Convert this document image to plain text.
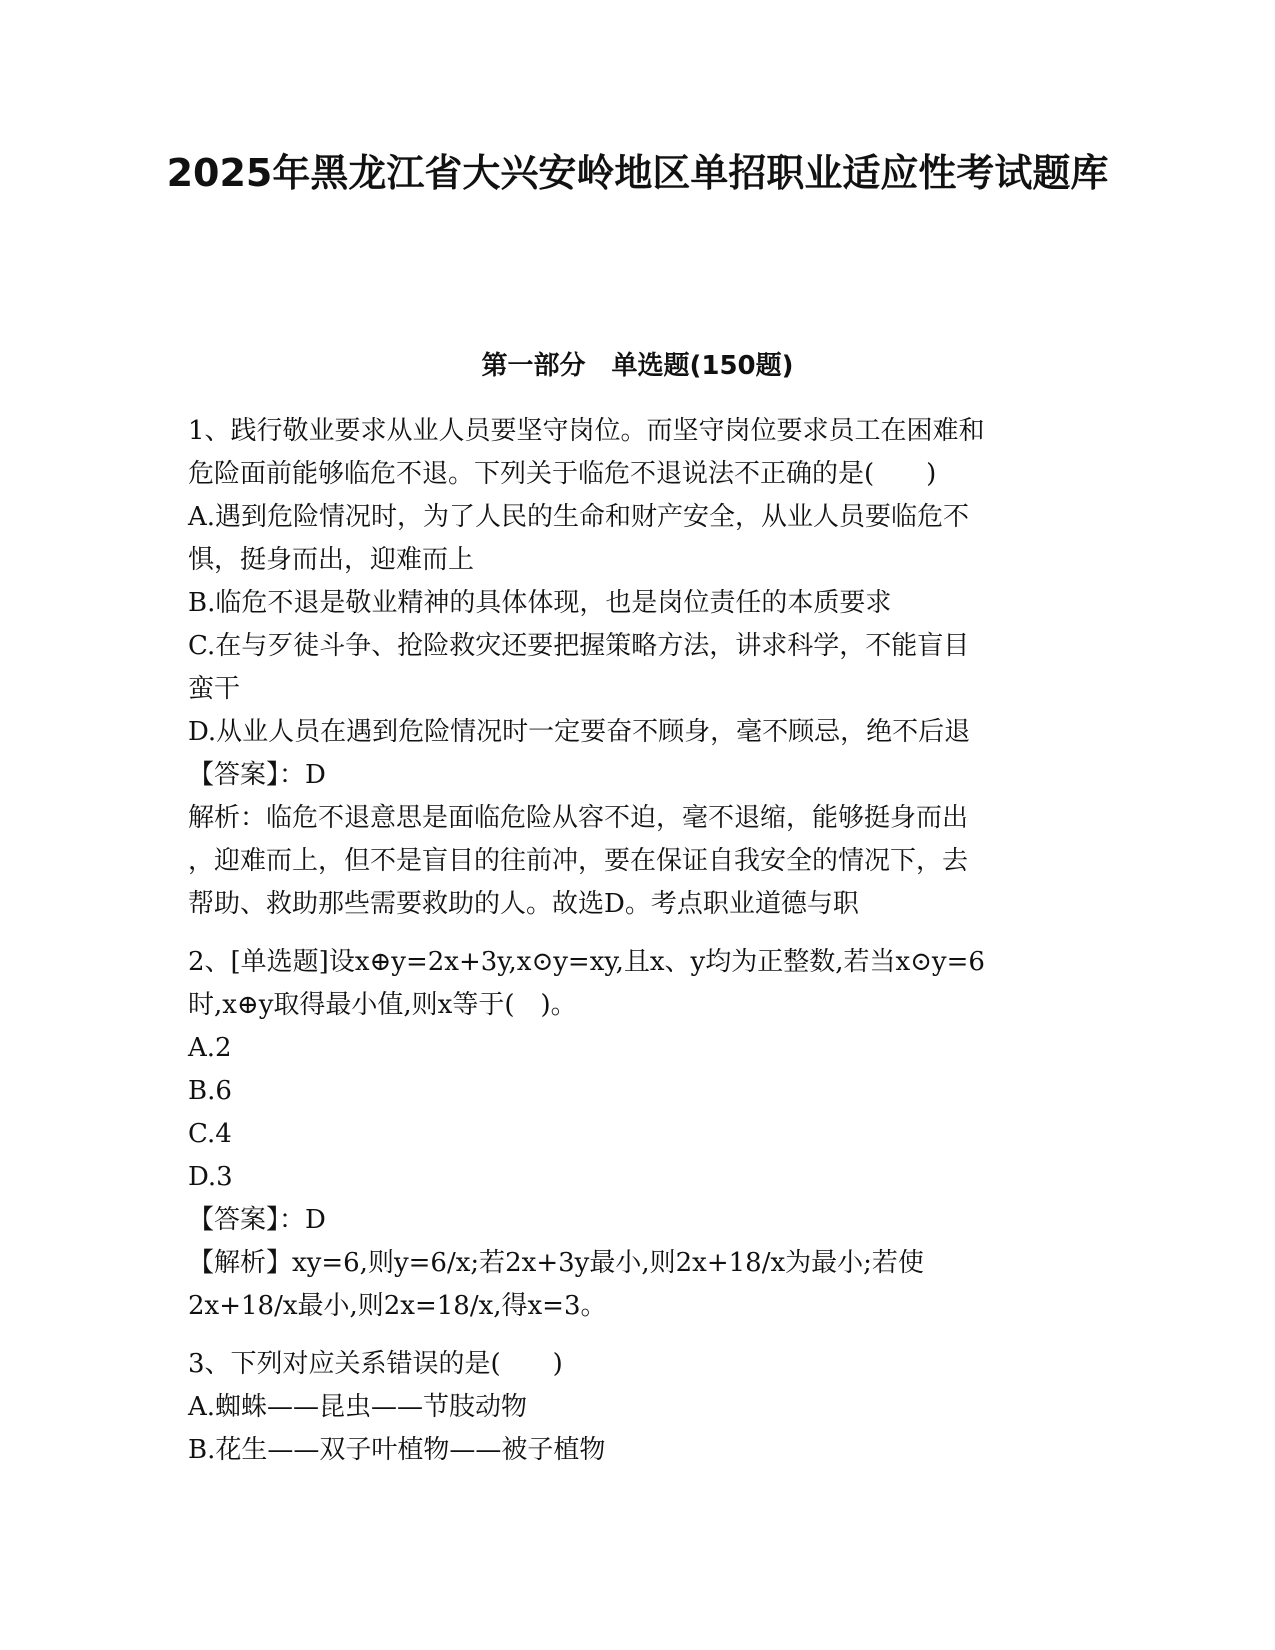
2025年黑龙江省大兴安岭地区单招职业适应性考试题库
第一部分　单选题(150题)
1、践行敬业要求从业人员要坚守岗位。而坚守岗位要求员工在困难和
危险面前能够临危不退。下列关于临危不退说法不正确的是(　　)
A.遇到危险情况时，为了人民的生命和财产安全，从业人员要临危不
惧，挺身而出，迎难而上
B.临危不退是敬业精神的具体体现，也是岗位责任的本质要求
C.在与歹徒斗争、抢险救灾还要把握策略方法，讲求科学，不能盲目
蛮干
D.从业人员在遇到危险情况时一定要奋不顾身，毫不顾忌，绝不后退
【答案】：D
解析：临危不退意思是面临危险从容不迫，毫不退缩，能够挺身而出
，迎难而上，但不是盲目的往前冲，要在保证自我安全的情况下，去
帮助、救助那些需要救助的人。故选D。考点职业道德与职
2、[单选题]设x⊕y=2x+3y,x⊙y=xy,且x、y均为正整数,若当x⊙y=6
时,x⊕y取得最小值,则x等于(　)。
A.2
B.6
C.4
D.3
【答案】：D
【解析】xy=6,则y=6/x;若2x+3y最小,则2x+18/x为最小;若使
2x+18/x最小,则2x=18/x,得x=3。
3、下列对应关系错误的是(　　)
A.蜘蛛——昆虫——节肢动物
B.花生——双子叶植物——被子植物
